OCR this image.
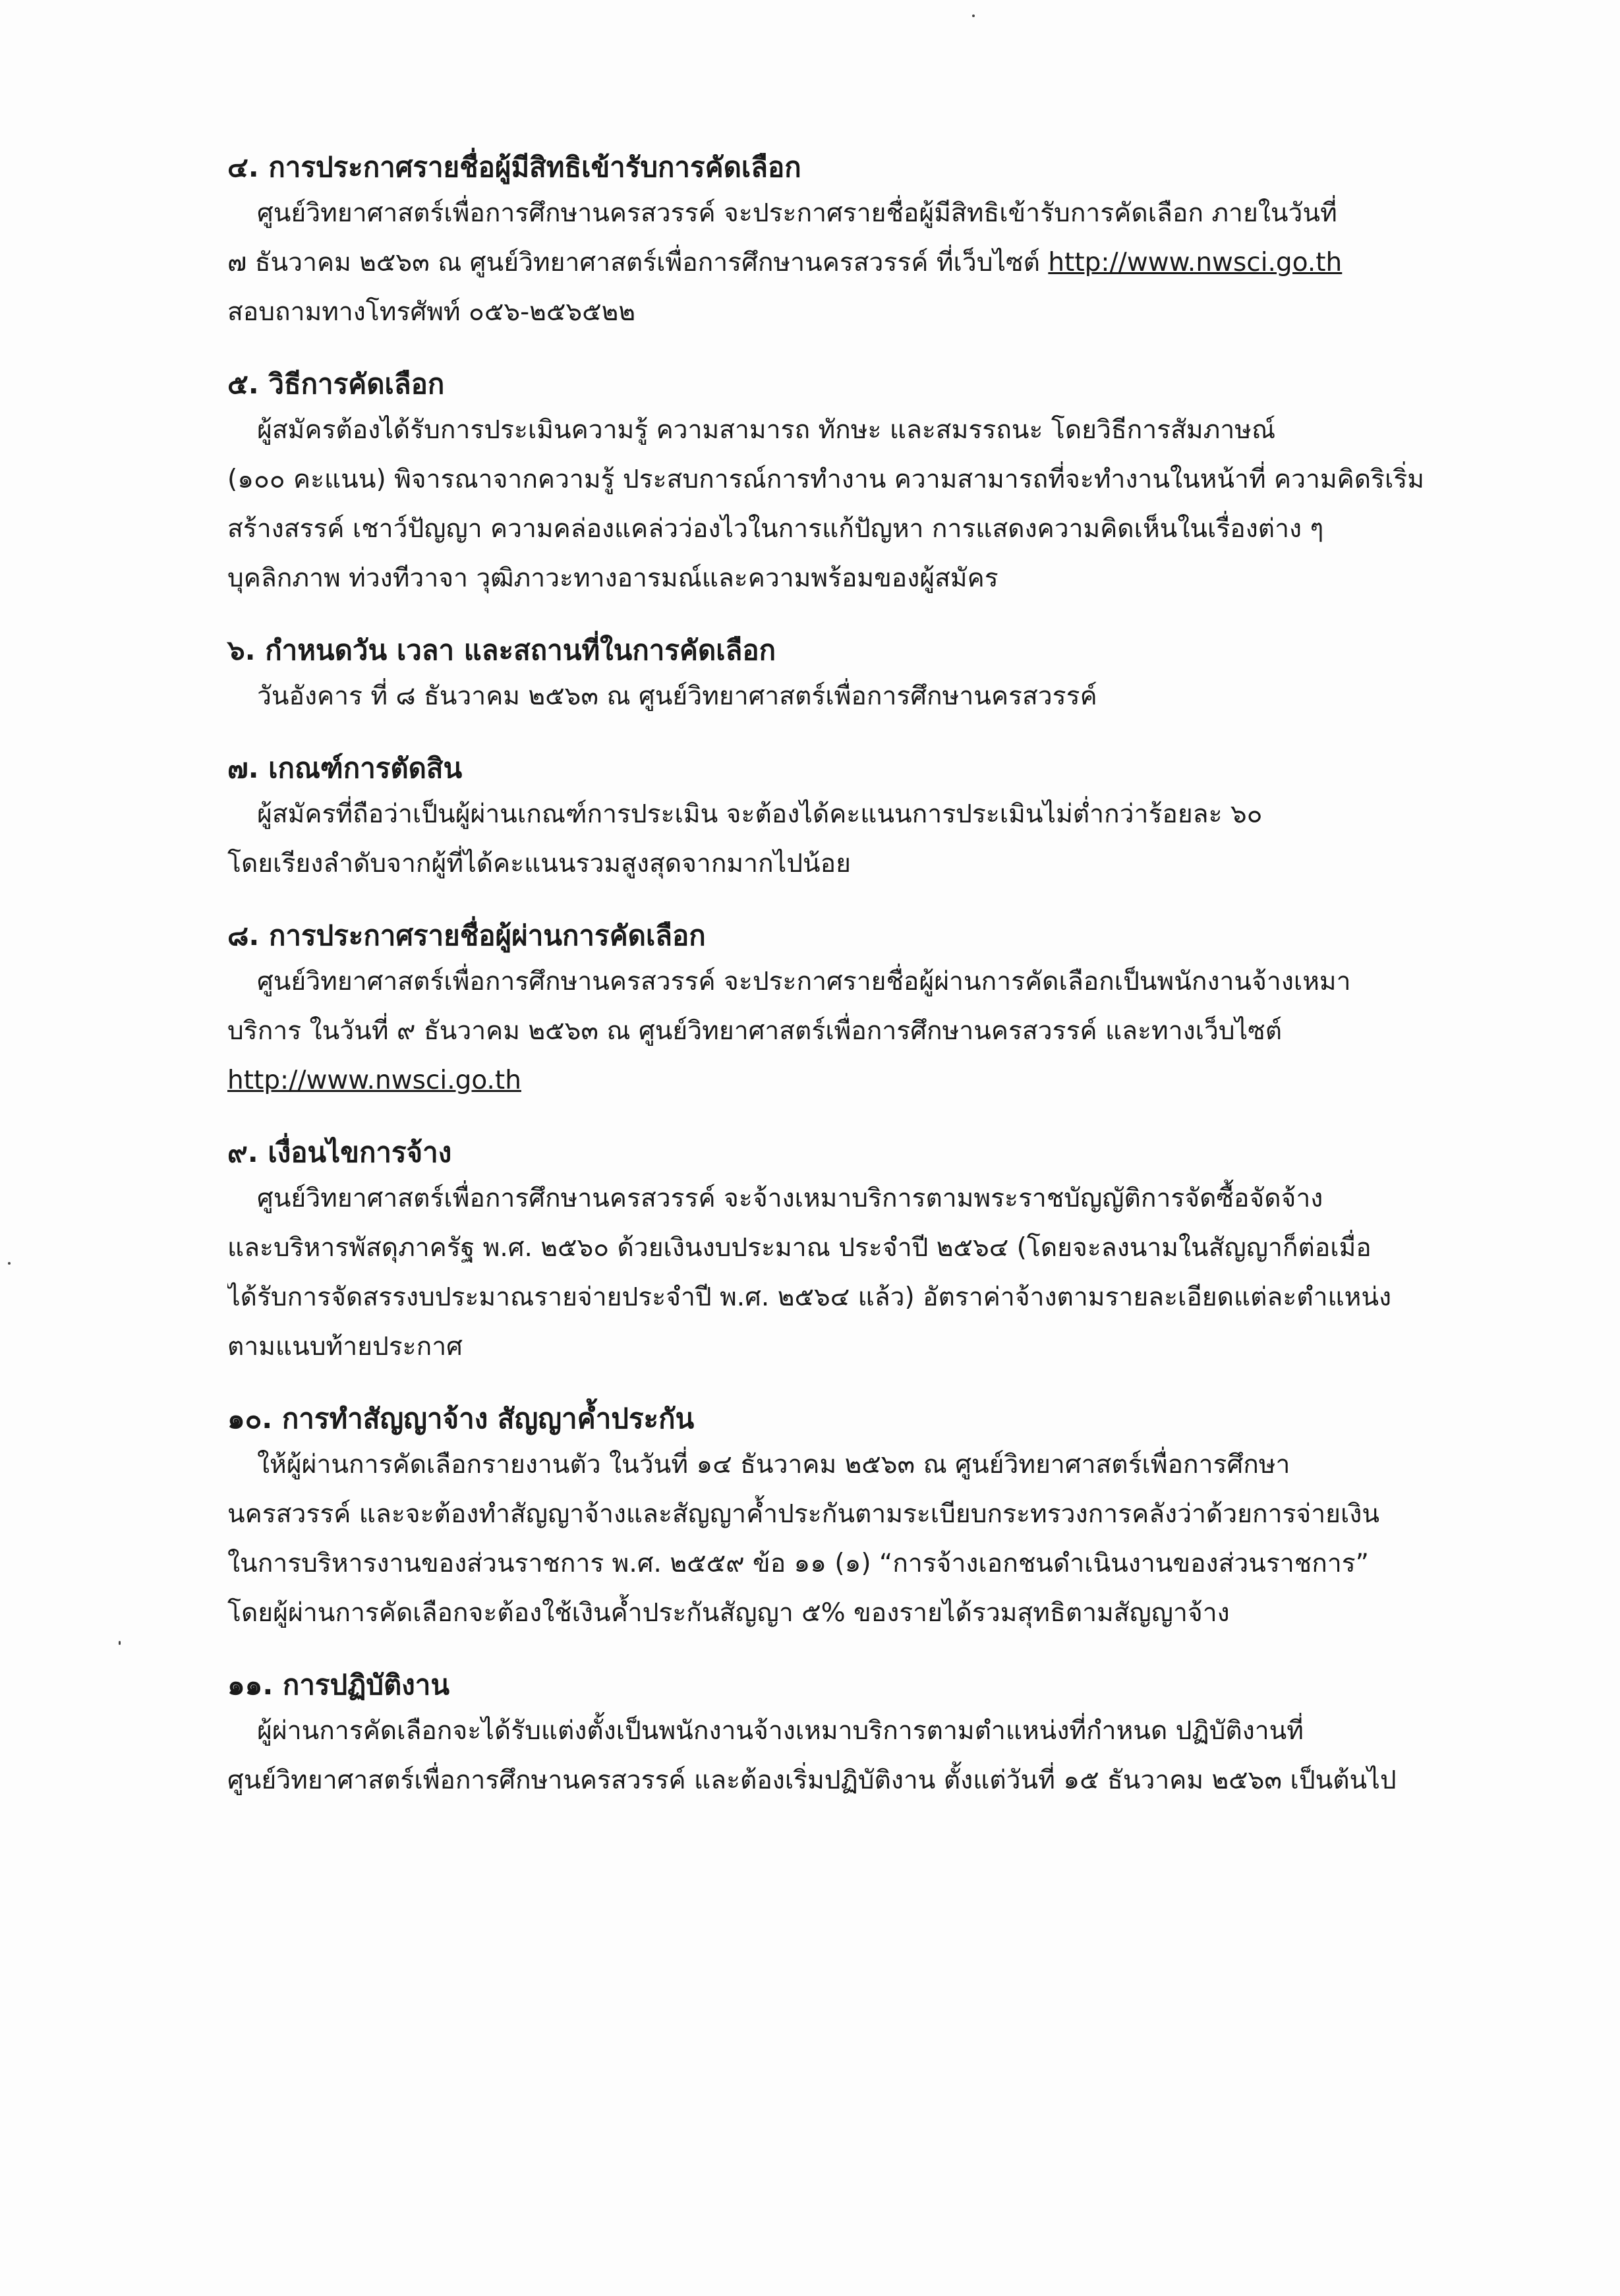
๔. การประกาศรายชื่อผู้มีสิทธิเข้ารับการคัดเลือก
ศูนย์วิทยาศาสตร์เพื่อการศึกษานครสวรรค์ จะประกาศรายชื่อผู้มีสิทธิเข้ารับการคัดเลือก ภายในวันที่
๗ ธันวาคม ๒๕๖๓ ณ ศูนย์วิทยาศาสตร์เพื่อการศึกษานครสวรรค์ ที่เว็บไซต์ http://www.nwsci.go.th
สอบถามทางโทรศัพท์ ๐๕๖-๒๕๖๕๒๒
๕. วิธีการคัดเลือก
ผู้สมัครต้องได้รับการประเมินความรู้ ความสามารถ ทักษะ และสมรรถนะ โดยวิธีการสัมภาษณ์
(๑๐๐ คะแนน) พิจารณาจากความรู้ ประสบการณ์การทำงาน ความสามารถที่จะทำงานในหน้าที่ ความคิดริเริ่ม
สร้างสรรค์ เชาว์ปัญญา ความคล่องแคล่วว่องไวในการแก้ปัญหา การแสดงความคิดเห็นในเรื่องต่าง ๆ
บุคลิกภาพ ท่วงทีวาจา วุฒิภาวะทางอารมณ์และความพร้อมของผู้สมัคร
๖. กำหนดวัน เวลา และสถานที่ในการคัดเลือก
วันอังคาร ที่ ๘ ธันวาคม ๒๕๖๓ ณ ศูนย์วิทยาศาสตร์เพื่อการศึกษานครสวรรค์
๗. เกณฑ์การตัดสิน
ผู้สมัครที่ถือว่าเป็นผู้ผ่านเกณฑ์การประเมิน จะต้องได้คะแนนการประเมินไม่ต่ำกว่าร้อยละ ๖๐
โดยเรียงลำดับจากผู้ที่ได้คะแนนรวมสูงสุดจากมากไปน้อย
๘. การประกาศรายชื่อผู้ผ่านการคัดเลือก
ศูนย์วิทยาศาสตร์เพื่อการศึกษานครสวรรค์ จะประกาศรายชื่อผู้ผ่านการคัดเลือกเป็นพนักงานจ้างเหมา
บริการ ในวันที่ ๙ ธันวาคม ๒๕๖๓ ณ ศูนย์วิทยาศาสตร์เพื่อการศึกษานครสวรรค์ และทางเว็บไซต์
http://www.nwsci.go.th
๙. เงื่อนไขการจ้าง
ศูนย์วิทยาศาสตร์เพื่อการศึกษานครสวรรค์ จะจ้างเหมาบริการตามพระราชบัญญัติการจัดซื้อจัดจ้าง
และบริหารพัสดุภาครัฐ พ.ศ. ๒๕๖๐ ด้วยเงินงบประมาณ ประจำปี ๒๕๖๔ (โดยจะลงนามในสัญญาก็ต่อเมื่อ
ได้รับการจัดสรรงบประมาณรายจ่ายประจำปี พ.ศ. ๒๕๖๔ แล้ว) อัตราค่าจ้างตามรายละเอียดแต่ละตำแหน่ง
ตามแนบท้ายประกาศ
๑๐. การทำสัญญาจ้าง สัญญาค้ำประกัน
ให้ผู้ผ่านการคัดเลือกรายงานตัว ในวันที่ ๑๔ ธันวาคม ๒๕๖๓ ณ ศูนย์วิทยาศาสตร์เพื่อการศึกษา
นครสวรรค์ และจะต้องทำสัญญาจ้างและสัญญาค้ำประกันตามระเบียบกระทรวงการคลังว่าด้วยการจ่ายเงิน
ในการบริหารงานของส่วนราชการ พ.ศ. ๒๕๕๙ ข้อ ๑๑ (๑) “การจ้างเอกชนดำเนินงานของส่วนราชการ”
โดยผู้ผ่านการคัดเลือกจะต้องใช้เงินค้ำประกันสัญญา ๕% ของรายได้รวมสุทธิตามสัญญาจ้าง
๑๑. การปฏิบัติงาน
ผู้ผ่านการคัดเลือกจะได้รับแต่งตั้งเป็นพนักงานจ้างเหมาบริการตามตำแหน่งที่กำหนด ปฏิบัติงานที่
ศูนย์วิทยาศาสตร์เพื่อการศึกษานครสวรรค์ และต้องเริ่มปฏิบัติงาน ตั้งแต่วันที่ ๑๕ ธันวาคม ๒๕๖๓ เป็นต้นไป
